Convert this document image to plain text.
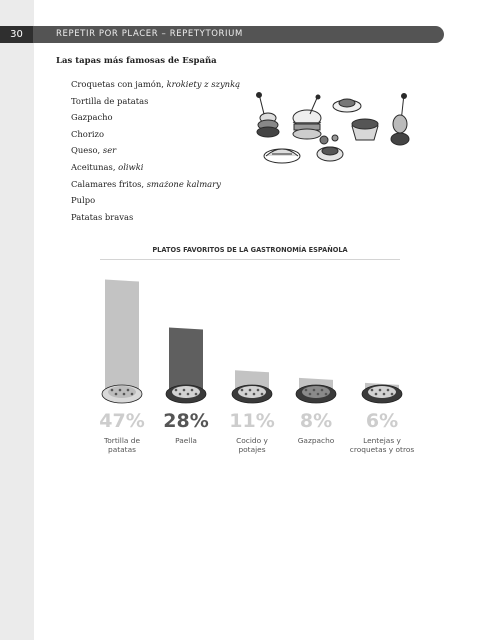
30	REPETIR POR PLACER – REPETYTORIUM
Las tapas más famosas de España
Croquetas con jamón, krokiety z szynką
Tortilla de patatas
Gazpacho
Chorizo
Queso, ser
Aceitunas, oliwki
Calamares fritos, smażone kalmary
Pulpo
Patatas bravas
PLATOS FAVORITOS DE LA GASTRONOMÍA ESPAÑOLA
47%
Tortilla de
patatas
28%
Paella
11%
Cocido y
potajes
8%
Gazpacho
6%
Lentejas y
croquetas y otros
